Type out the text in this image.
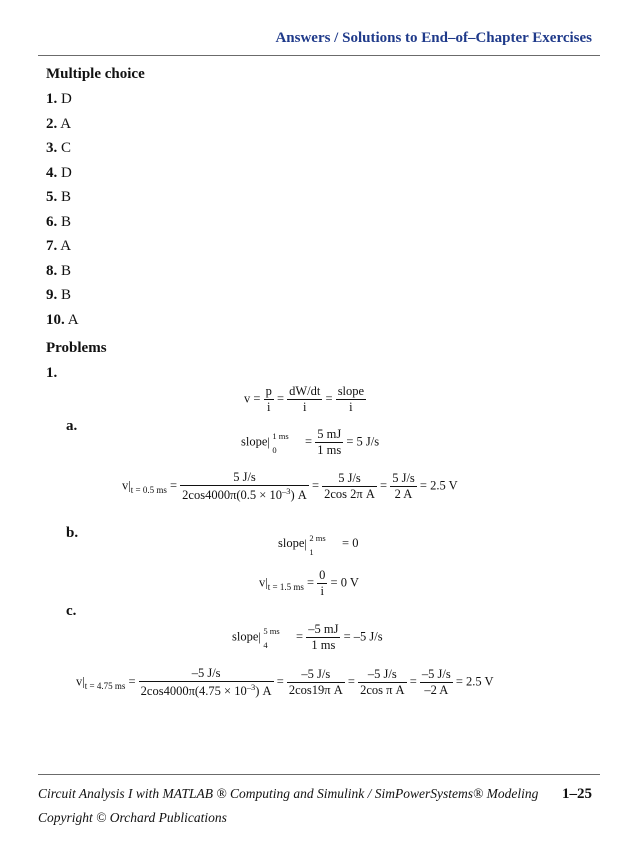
Answers / Solutions to End–of–Chapter Exercises
Multiple choice
1. D
2. A
3. C
4. D
5. B
6. B
7. A
8. B
9. B
10. A
Problems
1.
$v = \frac{p}{i} = \frac{dW/dt}{i} = \frac{\text{slope}}{i}$
a.
slope| 1 ms
0
= $\frac{5 mJ}{1 ms} = 5$ J/s
$v|_{t = 0.5 ms} = \frac{5 J/s}{2\cos 4000\pi(0.5 \times 10^{-3}) A} = \frac{5 J/s}{\text{2cos 2π A}} = \frac{5 J/s}{2 A} = 2.5$ V
b.
slope| 2 ms
1
= 0
$v|_{t = 1.5 ms} = \frac{0}{i} = 0$ V
c.
slope| 5 ms
4
= $\frac{-5 mJ}{1 ms} = -5$ J/s
$v|_{t = 4.75 ms} = \frac{-5 J/s}{2\cos 4000\pi(4.75 \times 10^{-3}) A} = \frac{-5 J/s}{\text{2cos19π A}} = \frac{-5 J/s}{\text{2cos π A}} = \frac{-5 J/s}{-2 A} = 2.5$ V
Circuit Analysis I with MATLAB ® Computing and Simulink / SimPowerSystems® Modeling
Copyright © Orchard Publications
1–25
